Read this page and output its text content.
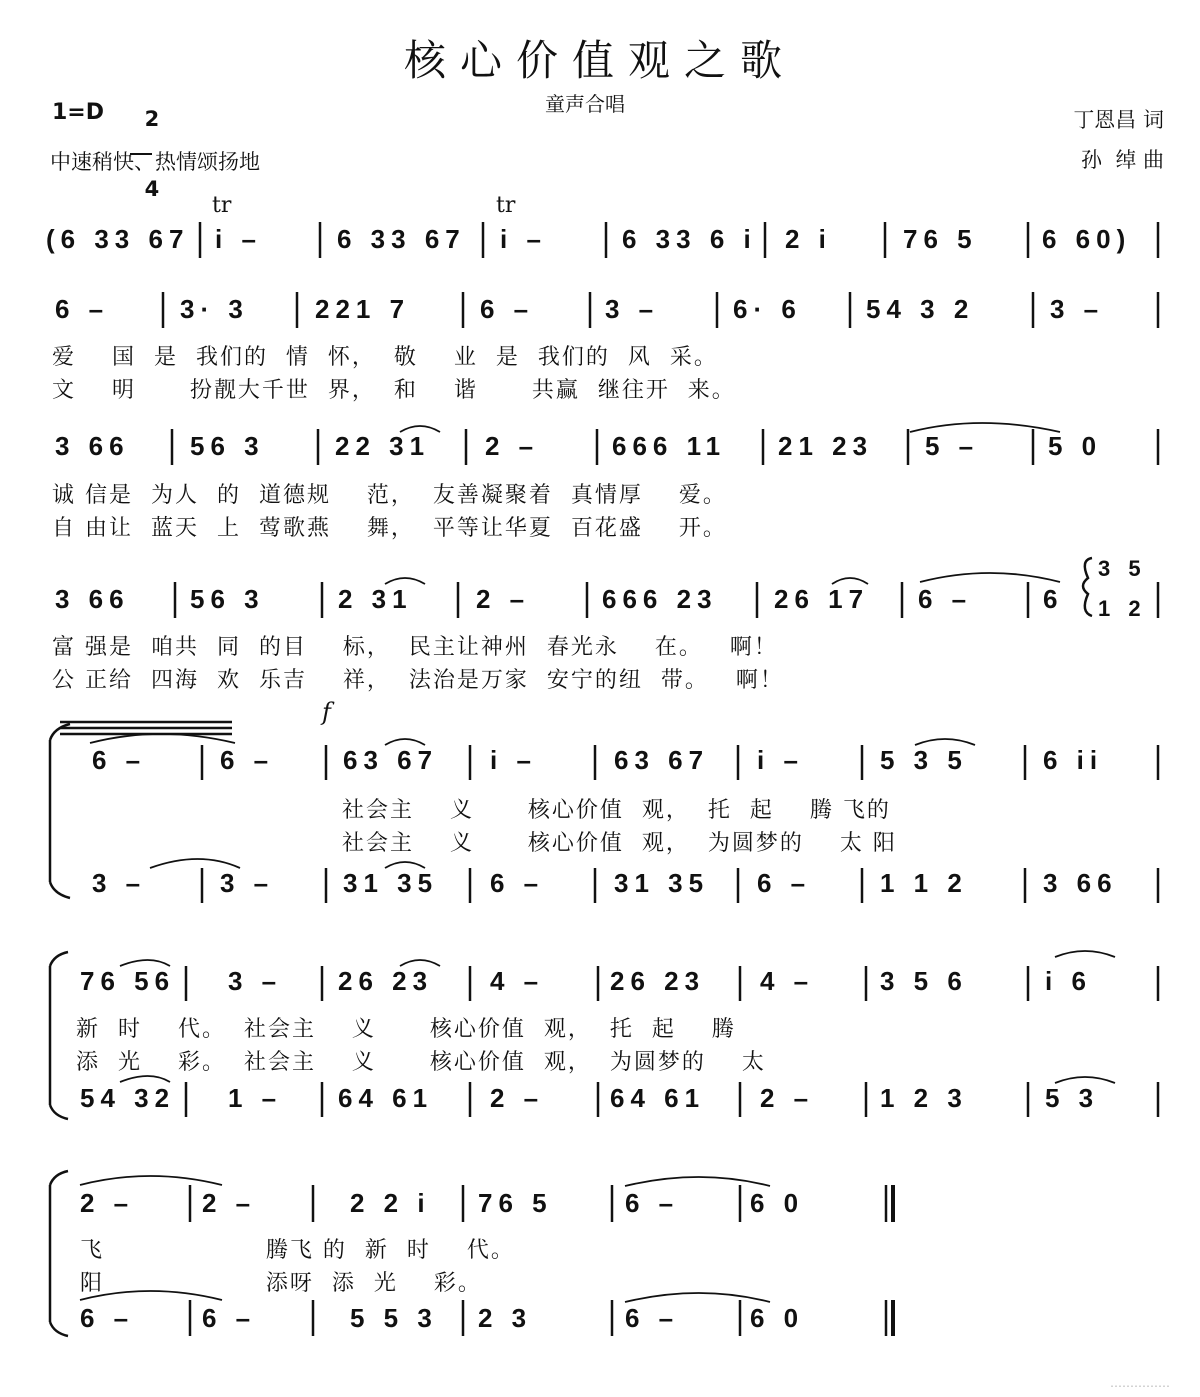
核心价值观之歌
童声合唱
1=D	2

4

中速稍快、热情颂扬地
丁恩昌 词
孙  绰 曲
tr	tr
f
(6 33 67 i –	6 33 67 i –	6 33 6 i 2 i	76 5 6 60)
6 –	3· 3	221 7	6 –	3 –	6· 6 54 3 2	3 –
爱    国  是  我们的  情  怀，  敬    业  是  我们的  风  采。
文    明      扮靓大千世  界，  和    谐      共赢  继往开  来。
3 66 56 3	22 31 2 –	666 11 21 23 5 –	5 0
诚 信是  为人  的  道德规    范，  友善凝聚着  真情厚    爱。
自 由让  蓝天  上  莺歌燕    舞，  平等让华夏  百花盛    开。
3 66 56 3	2 31 2 –	666 23 26 17 6 –	6
3 5
1 2
富 强是  咱共  同  的目    标，  民主让神州  春光永    在。   啊！
公 正给  四海  欢  乐吉    祥，  法治是万家  安宁的纽  带。   啊！
6 –	6 –	63 67 i –	63 67 i –	5 3 5	6 ii
社会主    义      核心价值  观，  托  起    腾 飞的
社会主    义      核心价值  观，  为圆梦的    太 阳
3 –	3 –	31 35 6 –	31 35 6 –	1 1 2	3 66
76 56 3 – 26 23 4 –	26 23 4 –	3 5 6	i 6
新  时    代。  社会主    义      核心价值  观，  托  起    腾
添  光    彩。  社会主    义      核心价值  观，  为圆梦的    太
54 32 1 – 64 61 2 –	64 61 2 –	1 2 3	5 3
2 –	2 –	2 2 i 76 5	6 –	6 0
飞                  腾飞 的  新  时    代。
阳                  添呀  添  光    彩。
6 –	6 –	5 5 3 2 3	6 –	6 0
……………
